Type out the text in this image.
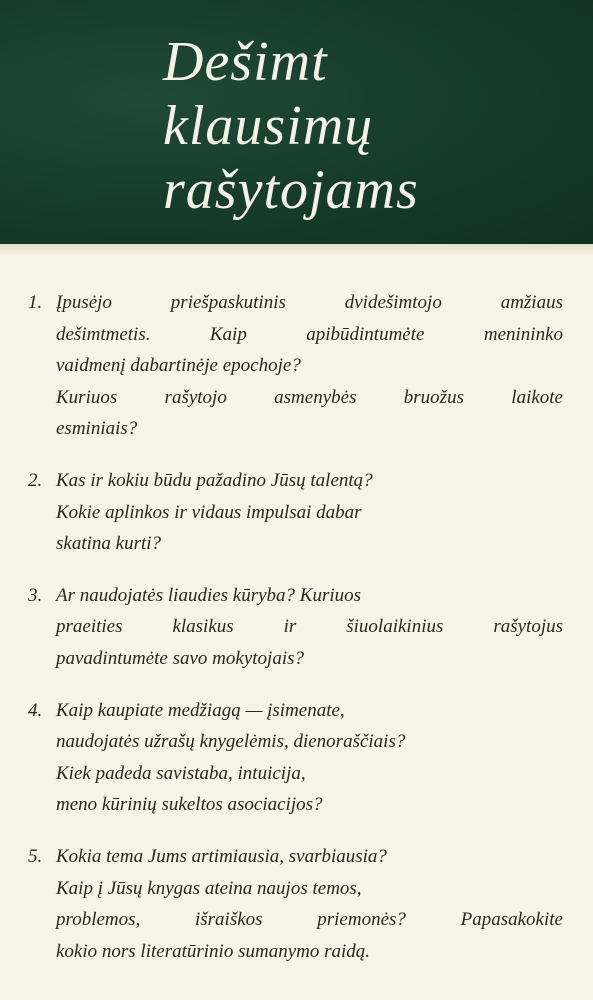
Dešimt
klausimų
rašytojams
1. Įpusėjo priešpaskutinis dvidešimtojo amžiaus
dešimtmetis. Kaip apibūdintumėte menininko
vaidmenį dabartinėje epochoje?
Kuriuos rašytojo asmenybės bruožus laikote
esminiais?
2. Kas ir kokiu būdu pažadino Jūsų talentą?
Kokie aplinkos ir vidaus impulsai dabar
skatina kurti?
3. Ar naudojatės liaudies kūryba? Kuriuos
praeities klasikus ir šiuolaikinius rašytojus
pavadintumėte savo mokytojais?
4. Kaip kaupiate medžiagą — įsimenate,
naudojatės užrašų knygelėmis, dienoraščiais?
Kiek padeda savistaba, intuicija,
meno kūrinių sukeltos asociacijos?
5. Kokia tema Jums artimiausia, svarbiausia?
Kaip į Jūsų knygas ateina naujos temos,
problemos, išraiškos priemonės? Papasakokite
kokio nors literatūrinio sumanymo raidą.
